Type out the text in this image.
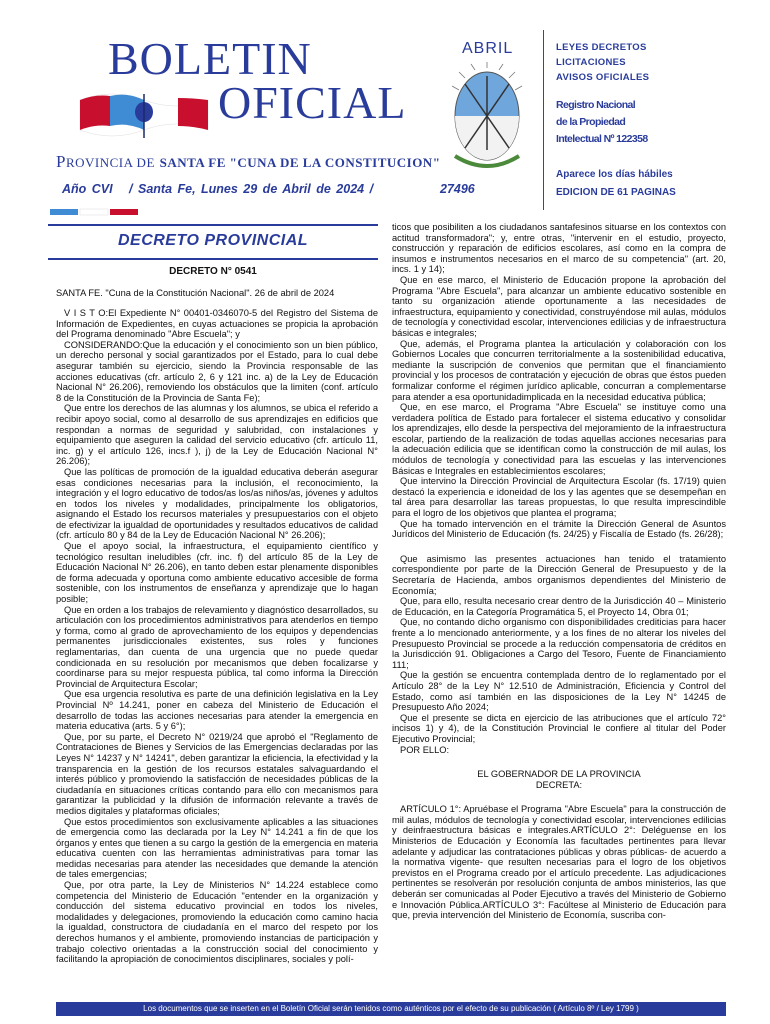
BOLETIN
OFICIAL
PROVINCIA DE SANTA FE "CUNA DE LA CONSTITUCION"
Año CVI / Santa Fe, Lunes 29 de Abril de 2024 /	27496
ABRIL	LEYES DECRETOS
LICITACIONES
AVISOS OFICIALES
Registro Nacional
de la Propiedad
Intelectual Nº 122358
Aparece los días hábiles
EDICION DE 61 PAGINAS
DECRETO PROVINCIAL
DECRETO N° 0541
SANTA FE. "Cuna de la Constitución Nacional". 26 de abril de 2024

V I S T O:El Expediente N° 00401-0346070-5 del Registro del Sistema de Información de Expedientes, en cuyas actuaciones se propicia la aprobación del Programa denominado "Abre Escuela"; y

CONSIDERANDO:Que la educación y el conocimiento son un bien público, un derecho personal y social garantizados por el Estado, para lo cual debe asegurar también su ejercicio, siendo la Provincia responsable de las acciones educativas (cfr. artículo 2, 6 y 121 inc. a) de la Ley de Educación Nacional N° 26.206), removiendo los obstáculos que la limiten (conf. artículo 8 de la Constitución de la Provincia de Santa Fe);

Que entre los derechos de las alumnas y los alumnos, se ubica el referido a recibir apoyo social, como al desarrollo de sus aprendizajes en edificios que respondan a normas de seguridad y salubridad, con instalaciones y equipamiento que aseguren la calidad del servicio educativo (cfr. artículo 11, inc. g) y el artículo 126, incs.f ), j) de la Ley de Educación Nacional N° 26.206);

Que las políticas de promoción de la igualdad educativa deberán asegurar esas condiciones necesarias para la inclusión, el reconocimiento, la integración y el logro educativo de todos/as los/as niños/as, jóvenes y adultos en todos los niveles y modalidades, principalmente los obligatorios, asignando el Estado los recursos materiales y presupuestarios con el objeto de efectivizar la igualdad de oportunidades y resultados educativos de calidad (cfr. artículo 80 y 84 de la Ley de Educación Nacional N° 26.206);

Que el apoyo social, la infraestructura, el equipamiento científico y tecnológico resultan ineludibles (cfr. inc. f) del artículo 85 de la Ley de Educación Nacional N° 26.206), en tanto deben estar plenamente disponibles de forma adecuada y oportuna como ambiente educativo accesible de forma sostenible, con los instrumentos de enseñanza y aprendizaje que lo hagan posible;

Que en orden a los trabajos de relevamiento y diagnóstico desarrollados, su articulación con los procedimientos administrativos para atenderlos en tiempo y forma, como al grado de aprovechamiento de los equipos y dependencias permanentes jurisdiccionales existentes, sus roles y funciones reglamentarias, dan cuenta de una urgencia que no puede quedar condicionada en su resolución por mecanismos que deben focalizarse y coordinarse para su mejor respuesta pública, tal como informa la Dirección Provincial de Arquitectura Escolar;

Que esa urgencia resolutiva es parte de una definición legislativa en la Ley Provincial Nº 14.241, poner en cabeza del Ministerio de Educación el desarrollo de todas las acciones necesarias para atender la emergencia en materia educativa (arts. 5 y 6°);

Que, por su parte, el Decreto N° 0219/24 que aprobó el "Reglamento de Contrataciones de Bienes y Servicios de las Emergencias declaradas por las Leyes N° 14237 y N° 14241", deben garantizar la eficiencia, la efectividad y la transparencia en la gestión de los recursos estatales salvaguardando el interés público y promoviendo la satisfacción de necesidades públicas de la ciudadanía en situaciones críticas contando para ello con mecanismos para garantizar la publicidad y la difusión de información relevante a través de medios digitales y plataformas oficiales;

Que estos procedimientos son exclusivamente aplicables a las situaciones de emergencia como las declarada por la Ley N° 14.241 a fin de que los órganos y entes que tienen a su cargo la gestión de la emergencia en materia educativa cuenten con las herramientas administrativas para tomar las medidas necesarias para atender las necesidades que demande la atención de tales emergencias;

Que, por otra parte, la Ley de Ministerios N° 14.224 establece como competencia del Ministerio de Educación "entender en la organización y conducción del sistema educativo provincial en todos los niveles, modalidades y delegaciones, promoviendo la educación como camino hacia la igualdad, constructora de ciudadanía en el marco del respeto por los derechos humanos y el ambiente, promoviendo instancias de participación y trabajo colectivo orientadas a la construcción social del conocimiento y facilitando la apropiación de conocimientos disciplinares, sociales y polí-

ticos que posibiliten a los ciudadanos santafesinos situarse en los contextos con actitud transformadora"; y, entre otras, "intervenir en el estudio, proyecto, construcción y reparación de edificios escolares, así como en la compra de insumos e instrumentos necesarios en el marco de su competencia" (art. 20, incs. 1 y 14);

Que en ese marco, el Ministerio de Educación propone la aprobación del Programa "Abre Escuela", para alcanzar un ambiente educativo sostenible en tanto su organización atiende oportunamente a las necesidades de infraestructura, equipamiento y conectividad, construyéndose mil aulas, módulos de tecnología y conectividad escolar, intervenciones edilicias y de infraestructura básicas e integrales;

Que, además, el Programa plantea la articulación y colaboración con los Gobiernos Locales que concurren territorialmente a la sostenibilidad educativa, mediante la suscripción de convenios que permitan que el financiamiento provincial y los procesos de contratación y ejecución de obras que éstos pueden formalizar conforme el régimen jurídico aplicable, concurran a complementarse para atender a esa oportunidadimplicada en la necesidad educativa pública;

Que, en ese marco, el Programa "Abre Escuela" se instituye como una verdadera política de Estado para fortalecer el sistema educativo y consolidar los aprendizajes, ello desde la perspectiva del mejoramiento de la infraestructura escolar, partiendo de la realización de todas aquellas acciones necesarias para la adecuación edilicia que se identifican como la construcción de mil aulas, los módulos de tecnología y conectividad para las escuelas y las intervenciones Básicas e Integrales en establecimientos escolares;

Que intervino la Dirección Provincial de Arquitectura Escolar (fs. 17/19) quien destacó la experiencia e idoneidad de los y las agentes que se desempeñan en tal área para desarrollar las tareas propuestas, lo que resulta imprescindible para el logro de los objetivos que plantea el programa;

Que ha tomado intervención en el trámite la Dirección General de Asuntos Jurídicos del Ministerio de Educación (fs. 24/25) y Fiscalía de Estado (fs. 26/28);

Que asimismo las presentes actuaciones han tenido el tratamiento correspondiente por parte de la Dirección General de Presupuesto y de la Secretaría de Hacienda, ambos organismos dependientes del Ministerio de Economía;

Que, para ello, resulta necesario crear dentro de la Jurisdicción 40 – Ministerio de Educación, en la Categoría Programática 5, el Proyecto 14, Obra 01;

Que, no contando dicho organismo con disponibilidades crediticias para hacer frente a lo mencionado anteriormente, y a los fines de no alterar los niveles del Presupuesto Provincial se procede a la reducción compensatoria de créditos en la Jurisdicción 91. Obligaciones a Cargo del Tesoro, Fuente de Financiamiento 111;

Que la gestión se encuentra contemplada dentro de lo reglamentado por el Artículo 28° de la Ley N° 12.510 de Administración, Eficiencia y Control del Estado, como así también en las disposiciones de la Ley N° 14245 de Presupuesto Año 2024;

Que el presente se dicta en ejercicio de las atribuciones que el artículo 72° incisos 1) y 4), de la Constitución Provincial le confiere al titular del Poder Ejecutivo Provincial;

POR ELLO:

EL GOBERNADOR DE LA PROVINCIA

DECRETA:

ARTÍCULO 1°: Apruébase el Programa "Abre Escuela" para la construcción de mil aulas, módulos de tecnología y conectividad escolar, intervenciones edilicias y deinfraestructura básicas e integrales.ARTÍCULO 2°: Deléguense en los Ministerios de Educación y Economía las facultades pertinentes para llevar adelante y adjudicar las contrataciones públicas y obras públicas- de acuerdo a la normativa vigente- que resulten necesarias para el logro de los objetivos previstos en el Programa creado por el artículo precedente. Las adjudicaciones pertinentes se resolverán por resolución conjunta de ambos ministerios, las que deberán ser comunicadas al Poder Ejecutivo a través del Ministerio de Gobierno e Innovación Pública.ARTÍCULO 3°: Facúltese al Ministerio de Educación para que, previa intervención del Ministerio de Economía, suscriba con-

Los documentos que se inserten en el Boletín Oficial serán tenidos como auténticos por el efecto de su publicación ( Artículo 8º / Ley 1799 )
